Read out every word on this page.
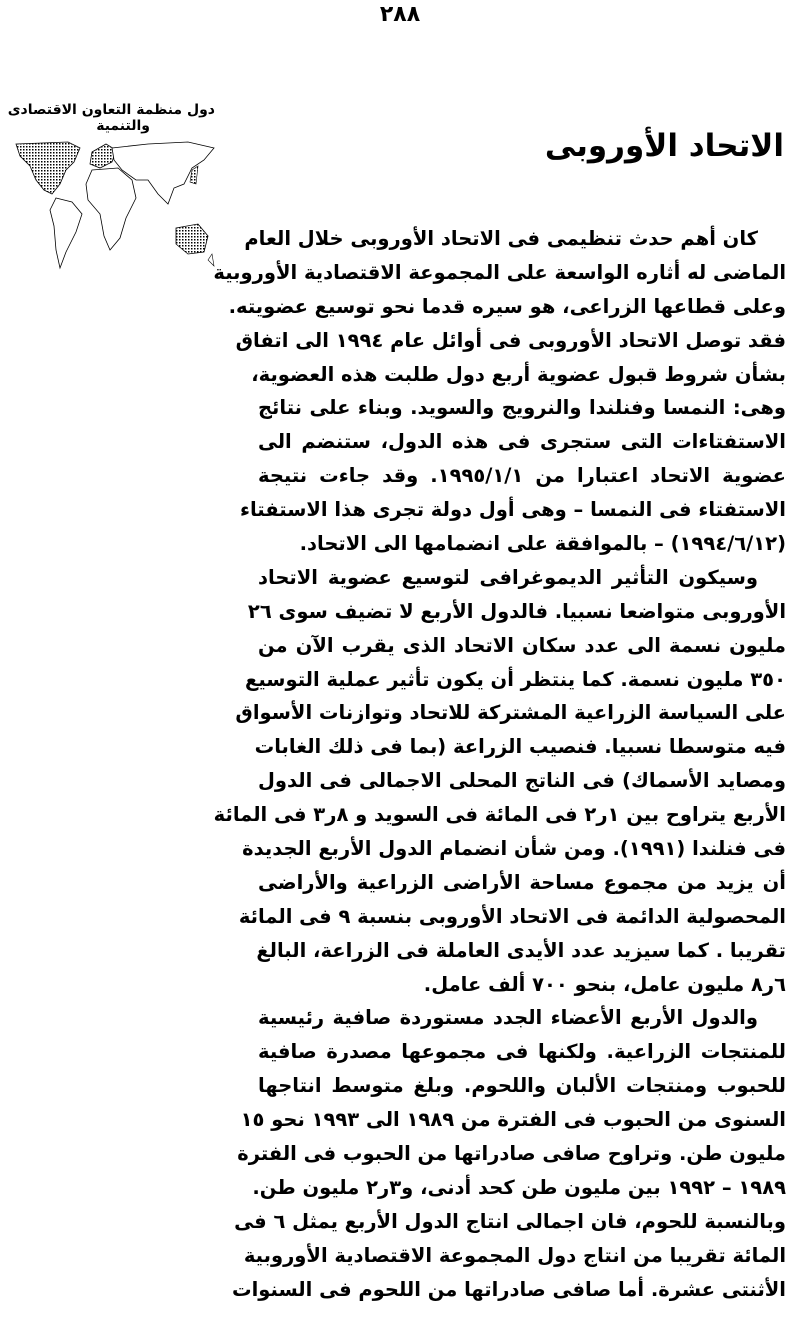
٢٨٨
دول منظمة التعاون الاقتصادى
والتنمية
الاتحاد الأوروبى
كان أهم حدث تنظيمى فى الاتحاد الأوروبى خلال العام
الماضى له أثاره الواسعة على المجموعة الاقتصادية الأوروبية
وعلى قطاعها الزراعى، هو سيره قدما نحو توسيع عضويته.
فقد توصل الاتحاد الأوروبى فى أوائل عام ١٩٩٤ الى اتفاق
بشأن شروط قبول عضوية أربع دول طلبت هذه العضوية،
وهى: النمسا وفنلندا والنرويج والسويد. وبناء على نتائج
الاستفتاءات التى ستجرى فى هذه الدول، ستنضم الى
عضوية الاتحاد اعتبارا من ١٩٩٥/١/١. وقد جاءت نتيجة
الاستفتاء فى النمسا – وهى أول دولة تجرى هذا الاستفتاء
(١٩٩٤/٦/١٢) – بالموافقة على انضمامها الى الاتحاد.
وسيكون التأثير الديموغرافى لتوسيع عضوية الاتحاد
الأوروبى متواضعا نسبيا. فالدول الأربع لا تضيف سوى ٢٦
مليون نسمة الى عدد سكان الاتحاد الذى يقرب الآن من
٣٥٠ مليون نسمة. كما ينتظر أن يكون تأثير عملية التوسيع
على السياسة الزراعية المشتركة للاتحاد وتوازنات الأسواق
فيه متوسطا نسبيا. فنصيب الزراعة (بما فى ذلك الغابات
ومصايد الأسماك) فى الناتج المحلى الاجمالى فى الدول
الأربع يتراوح بين ١ر٢ فى المائة فى السويد و ٨ر٣ فى المائة
فى فنلندا (١٩٩١). ومن شأن انضمام الدول الأربع الجديدة
أن يزيد من مجموع مساحة الأراضى الزراعية والأراضى
المحصولية الدائمة فى الاتحاد الأوروبى بنسبة ٩ فى المائة
تقريبا . كما سيزيد عدد الأيدى العاملة فى الزراعة، البالغ
٦ر٨ مليون عامل، بنحو ٧٠٠ ألف عامل.
والدول الأربع الأعضاء الجدد مستوردة صافية رئيسية
للمنتجات الزراعية. ولكنها فى مجموعها مصدرة صافية
للحبوب ومنتجات الألبان واللحوم. وبلغ متوسط انتاجها
السنوى من الحبوب فى الفترة من ١٩٨٩ الى ١٩٩٣ نحو ١٥
مليون طن. وتراوح صافى صادراتها من الحبوب فى الفترة
١٩٨٩ – ١٩٩٢ بين مليون طن كحد أدنى، و٣ر٢ مليون طن.
وبالنسبة للحوم، فان اجمالى انتاج الدول الأربع يمثل ٦ فى
المائة تقريبا من انتاج دول المجموعة الاقتصادية الأوروبية
الأثنتى عشرة. أما صافى صادراتها من اللحوم فى السنوات
